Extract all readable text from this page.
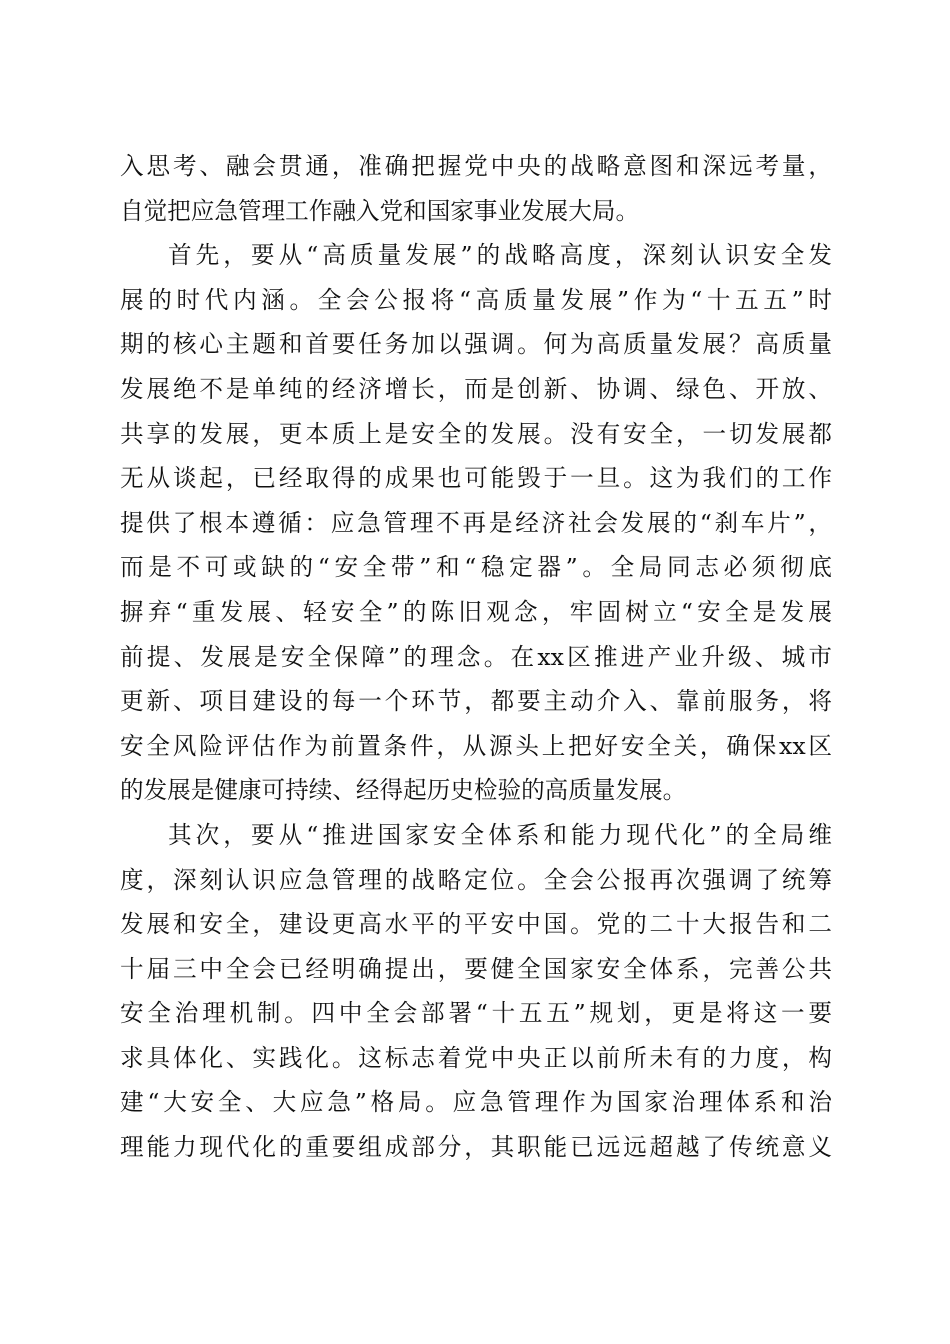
入思考、融会贯通，准确把握党中央的战略意图和深远考量，
自觉把应急管理工作融入党和国家事业发展大局。
首先，要从“高质量发展”的战略高度，深刻认识安全发
展的时代内涵。全会公报将“高质量发展”作为“十五五”时
期的核心主题和首要任务加以强调。何为高质量发展？高质量
发展绝不是单纯的经济增长，而是创新、协调、绿色、开放、
共享的发展，更本质上是安全的发展。没有安全，一切发展都
无从谈起，已经取得的成果也可能毁于一旦。这为我们的工作
提供了根本遵循：应急管理不再是经济社会发展的“刹车片”，
而是不可或缺的“安全带”和“稳定器”。全局同志必须彻底
摒弃“重发展、轻安全”的陈旧观念，牢固树立“安全是发展
前提、发展是安全保障”的理念。在xx区推进产业升级、城市
更新、项目建设的每一个环节，都要主动介入、靠前服务，将
安全风险评估作为前置条件，从源头上把好安全关，确保xx区
的发展是健康可持续、经得起历史检验的高质量发展。
其次，要从“推进国家安全体系和能力现代化”的全局维
度，深刻认识应急管理的战略定位。全会公报再次强调了统筹
发展和安全，建设更高水平的平安中国。党的二十大报告和二
十届三中全会已经明确提出，要健全国家安全体系，完善公共
安全治理机制。四中全会部署“十五五”规划，更是将这一要
求具体化、实践化。这标志着党中央正以前所未有的力度，构
建“大安全、大应急”格局。应急管理作为国家治理体系和治
理能力现代化的重要组成部分，其职能已远远超越了传统意义
